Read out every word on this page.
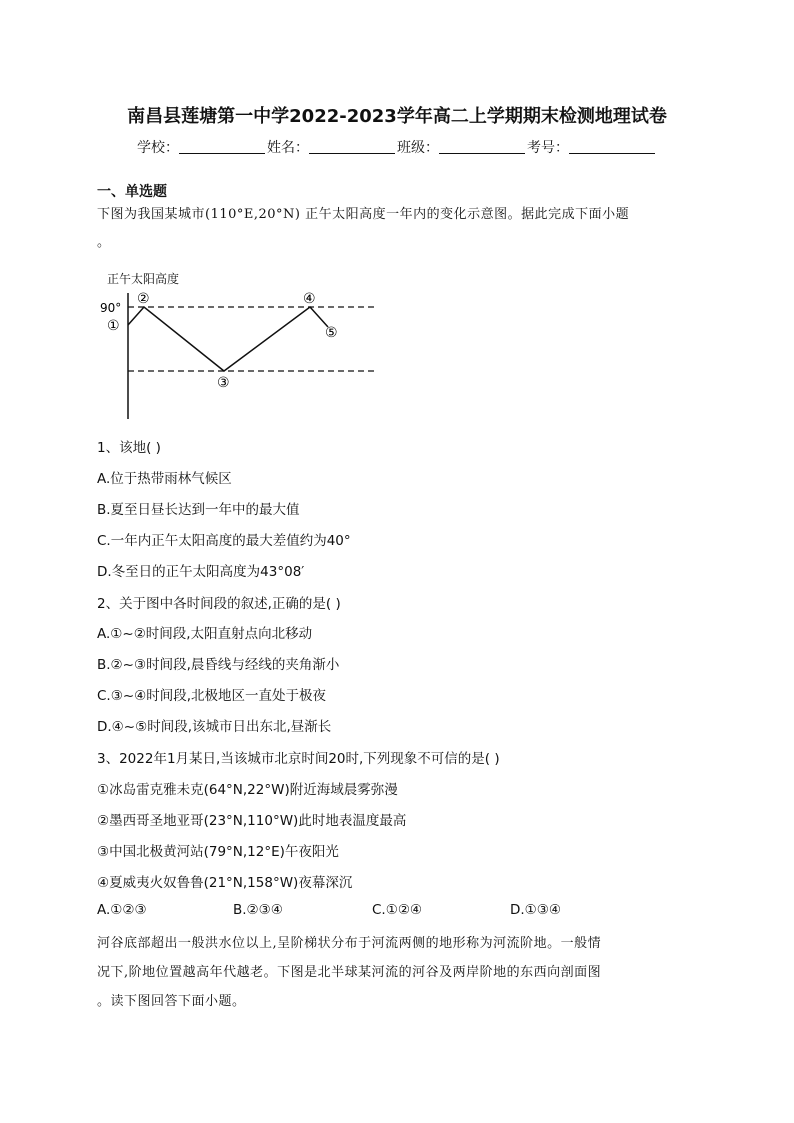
南昌县莲塘第一中学2022-2023学年高二上学期期末检测地理试卷
学校：	姓名：	班级：	考号：
一、单选题
下图为我国某城市(110°E,20°N) 正午太阳高度一年内的变化示意图。据此完成下面小题
。
正午太阳高度
90°
①
②
③
④
⑤
1、该地( )
A.位于热带雨林气候区
B.夏至日昼长达到一年中的最大值
C.一年内正午太阳高度的最大差值约为40°
D.冬至日的正午太阳高度为43°08′
2、关于图中各时间段的叙述,正确的是( )
A.①~②时间段,太阳直射点向北移动
B.②~③时间段,晨昏线与经线的夹角渐小
C.③~④时间段,北极地区一直处于极夜
D.④~⑤时间段,该城市日出东北,昼渐长
3、2022年1月某日,当该城市北京时间20时,下列现象不可信的是( )
①冰岛雷克雅未克(64°N,22°W)附近海域晨雾弥漫
②墨西哥圣地亚哥(23°N,110°W)此时地表温度最高
③中国北极黄河站(79°N,12°E)午夜阳光
④夏威夷火奴鲁鲁(21°N,158°W)夜幕深沉
A.①②③	B.②③④	C.①②④	D.①③④
河谷底部超出一般洪水位以上,呈阶梯状分布于河流两侧的地形称为河流阶地。一般情
况下,阶地位置越高年代越老。下图是北半球某河流的河谷及两岸阶地的东西向剖面图
。读下图回答下面小题。
